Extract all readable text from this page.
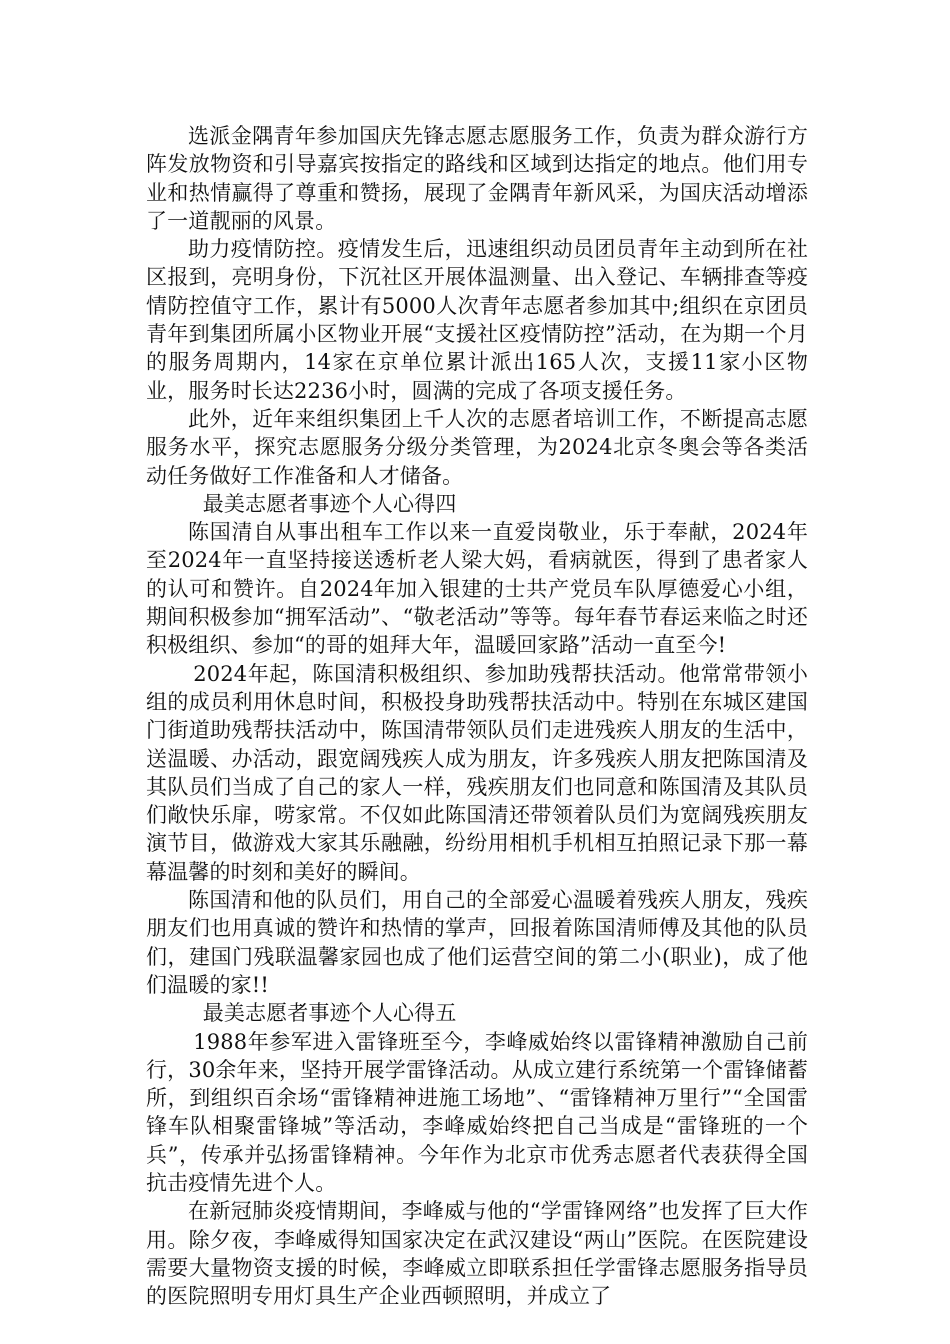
选派金隅青年参加国庆先锋志愿志愿服务工作，负责为群众游行方阵发放物资和引导嘉宾按指定的路线和区域到达指定的地点。他们用专业和热情赢得了尊重和赞扬，展现了金隅青年新风采，为国庆活动增添了一道靓丽的风景。

助力疫情防控。疫情发生后，迅速组织动员团员青年主动到所在社区报到，亮明身份，下沉社区开展体温测量、出入登记、车辆排查等疫情防控值守工作，累计有5000人次青年志愿者参加其中;组织在京团员青年到集团所属小区物业开展“支援社区疫情防控”活动，在为期一个月的服务周期内，14家在京单位累计派出165人次，支援11家小区物业，服务时长达2236小时，圆满的完成了各项支援任务。

此外，近年来组织集团上千人次的志愿者培训工作，不断提高志愿服务水平，探究志愿服务分级分类管理，为2024北京冬奥会等各类活动任务做好工作准备和人才储备。

最美志愿者事迹个人心得四

陈国清自从事出租车工作以来一直爱岗敬业，乐于奉献，2024年至2024年一直坚持接送透析老人梁大妈，看病就医，得到了患者家人的认可和赞许。自2024年加入银建的士共产党员车队厚德爱心小组，期间积极参加“拥军活动”、“敬老活动”等等。每年春节春运来临之时还积极组织、参加“的哥的姐拜大年，温暖回家路”活动一直至今!

2024年起，陈国清积极组织、参加助残帮扶活动。他常常带领小组的成员利用休息时间，积极投身助残帮扶活动中。特别在东城区建国门街道助残帮扶活动中，陈国清带领队员们走进残疾人朋友的生活中，送温暖、办活动，跟宽阔残疾人成为朋友，许多残疾人朋友把陈国清及其队员们当成了自己的家人一样，残疾朋友们也同意和陈国清及其队员们敞快乐扉，唠家常。不仅如此陈国清还带领着队员们为宽阔残疾朋友演节目，做游戏大家其乐融融，纷纷用相机手机相互拍照记录下那一幕幕温馨的时刻和美好的瞬间。

陈国清和他的队员们，用自己的全部爱心温暖着残疾人朋友，残疾朋友们也用真诚的赞许和热情的掌声，回报着陈国清师傅及其他的队员们，建国门残联温馨家园也成了他们运营空间的第二小(职业)，成了他们温暖的家!!

最美志愿者事迹个人心得五

1988年参军进入雷锋班至今，李峰威始终以雷锋精神激励自己前行，30余年来，坚持开展学雷锋活动。从成立建行系统第一个雷锋储蓄所，到组织百余场“雷锋精神进施工场地”、“雷锋精神万里行”“全国雷锋车队相聚雷锋城”等活动，李峰威始终把自己当成是“雷锋班的一个兵”，传承并弘扬雷锋精神。今年作为北京市优秀志愿者代表获得全国抗击疫情先进个人。

在新冠肺炎疫情期间，李峰威与他的“学雷锋网络”也发挥了巨大作用。除夕夜，李峰威得知国家决定在武汉建设“两山”医院。在医院建设需要大量物资支援的时候，李峰威立即联系担任学雷锋志愿服务指导员的医院照明专用灯具生产企业西顿照明，并成立了
